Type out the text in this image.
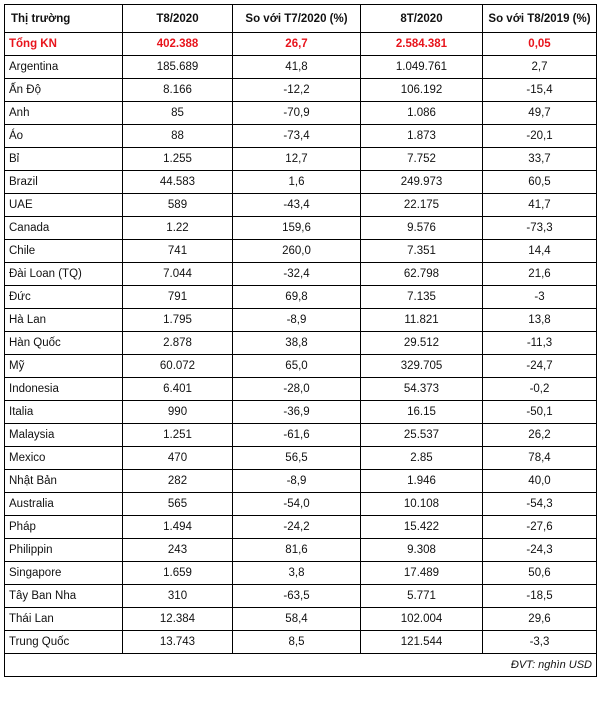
Thị trường	T8/2020	So với T7/2020 (%)	8T/2020	So với T8/2019 (%)
Tổng KN	402.388	26,7	2.584.381	0,05
Argentina	185.689	41,8	1.049.761	2,7
Ấn Độ	8.166	-12,2	106.192	-15,4
Anh	85	-70,9	1.086	49,7
Áo	88	-73,4	1.873	-20,1
Bỉ	1.255	12,7	7.752	33,7
Brazil	44.583	1,6	249.973	60,5
UAE	589	-43,4	22.175	41,7
Canada	1.22	159,6	9.576	-73,3
Chile	741	260,0	7.351	14,4
Đài Loan (TQ)	7.044	-32,4	62.798	21,6
Đức	791	69,8	7.135	-3
Hà Lan	1.795	-8,9	11.821	13,8
Hàn Quốc	2.878	38,8	29.512	-11,3
Mỹ	60.072	65,0	329.705	-24,7
Indonesia	6.401	-28,0	54.373	-0,2
Italia	990	-36,9	16.15	-50,1
Malaysia	1.251	-61,6	25.537	26,2
Mexico	470	56,5	2.85	78,4
Nhật Bản	282	-8,9	1.946	40,0
Australia	565	-54,0	10.108	-54,3
Pháp	1.494	-24,2	15.422	-27,6
Philippin	243	81,6	9.308	-24,3
Singapore	1.659	3,8	17.489	50,6
Tây Ban Nha	310	-63,5	5.771	-18,5
Thái Lan	12.384	58,4	102.004	29,6
Trung Quốc	13.743	8,5	121.544	-3,3
ĐVT: nghìn USD				
